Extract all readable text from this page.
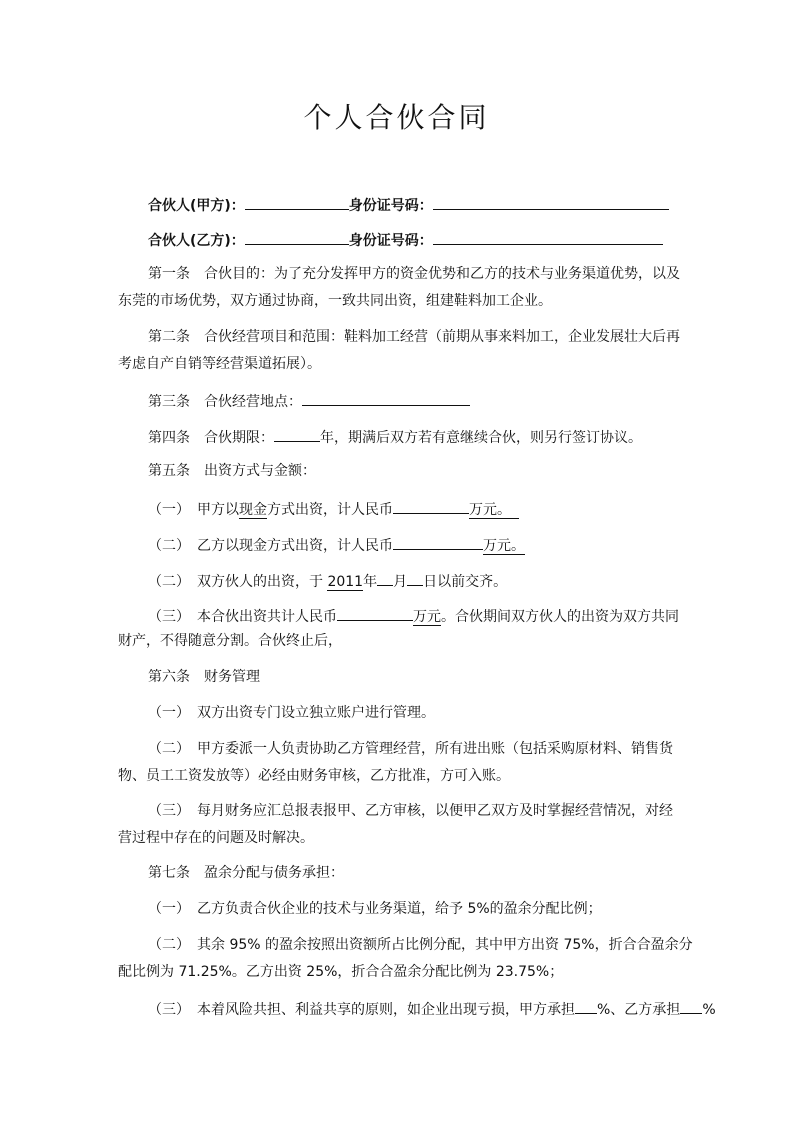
个人合伙合同
合伙人(甲方)：	身份证号码：
合伙人(乙方)：	身份证号码：
第一条　合伙目的：为了充分发挥甲方的资金优势和乙方的技术与业务渠道优势，以及
东莞的市场优势，双方通过协商，一致共同出资，组建鞋料加工企业。
第二条　合伙经营项目和范围：鞋料加工经营（前期从事来料加工，企业发展壮大后再
考虑自产自销等经营渠道拓展）。
第三条　合伙经营地点：
第四条　合伙期限：	年，期满后双方若有意继续合伙，则另行签订协议。
第五条　出资方式与金额：
（一）　甲方以现金方式出资，计人民币	万元。
（二）　乙方以现金方式出资，计人民币	万元。
（二）　双方伙人的出资，于 2011年 月 日以前交齐。
（三）　本合伙出资共计人民币	万元。合伙期间双方伙人的出资为双方共同
财产，不得随意分割。合伙终止后，
第六条　财务管理
（一）　双方出资专门设立独立账户进行管理。
（二）　甲方委派一人负责协助乙方管理经营，所有进出账（包括采购原材料、销售货
物、员工工资发放等）必经由财务审核，乙方批准，方可入账。
（三）　每月财务应汇总报表报甲、乙方审核，以便甲乙双方及时掌握经营情况，对经
营过程中存在的问题及时解决。
第七条　盈余分配与债务承担：
（一）　乙方负责合伙企业的技术与业务渠道，给予 5%的盈余分配比例；
（二）　其余 95% 的盈余按照出资额所占比例分配，其中甲方出资 75%，折合合盈余分
配比例为 71.25%。乙方出资 25%，折合合盈余分配比例为 23.75%；
（三）　本着风险共担、利益共享的原则，如企业出现亏损，甲方承担 %、乙方承担 %
